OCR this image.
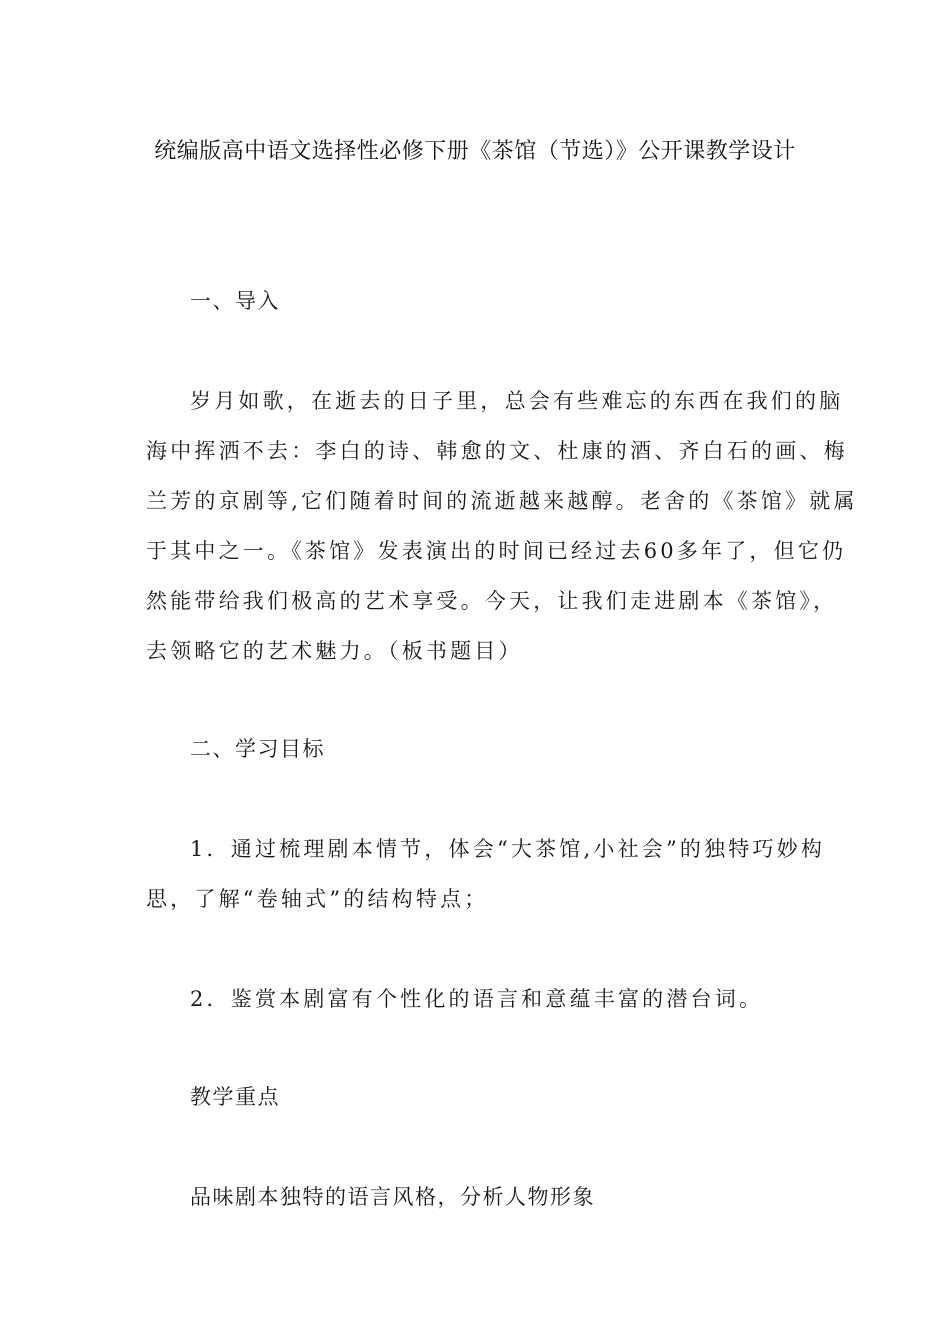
统编版高中语文选择性必修下册《茶馆（节选）》公开课教学设计
一、导入
岁月如歌，在逝去的日子里，总会有些难忘的东西在我们的脑
海中挥洒不去：李白的诗、韩愈的文、杜康的酒、齐白石的画、梅
兰芳的京剧等,它们随着时间的流逝越来越醇。老舍的《茶馆》就属
于其中之一。《茶馆》发表演出的时间已经过去60多年了，但它仍
然能带给我们极高的艺术享受。今天，让我们走进剧本《茶馆》，
去领略它的艺术魅力。（板书题目）
二、学习目标
1．通过梳理剧本情节，体会“大茶馆,小社会”的独特巧妙构
思，了解“卷轴式”的结构特点；
2．鉴赏本剧富有个性化的语言和意蕴丰富的潜台词。
教学重点
品味剧本独特的语言风格，分析人物形象
